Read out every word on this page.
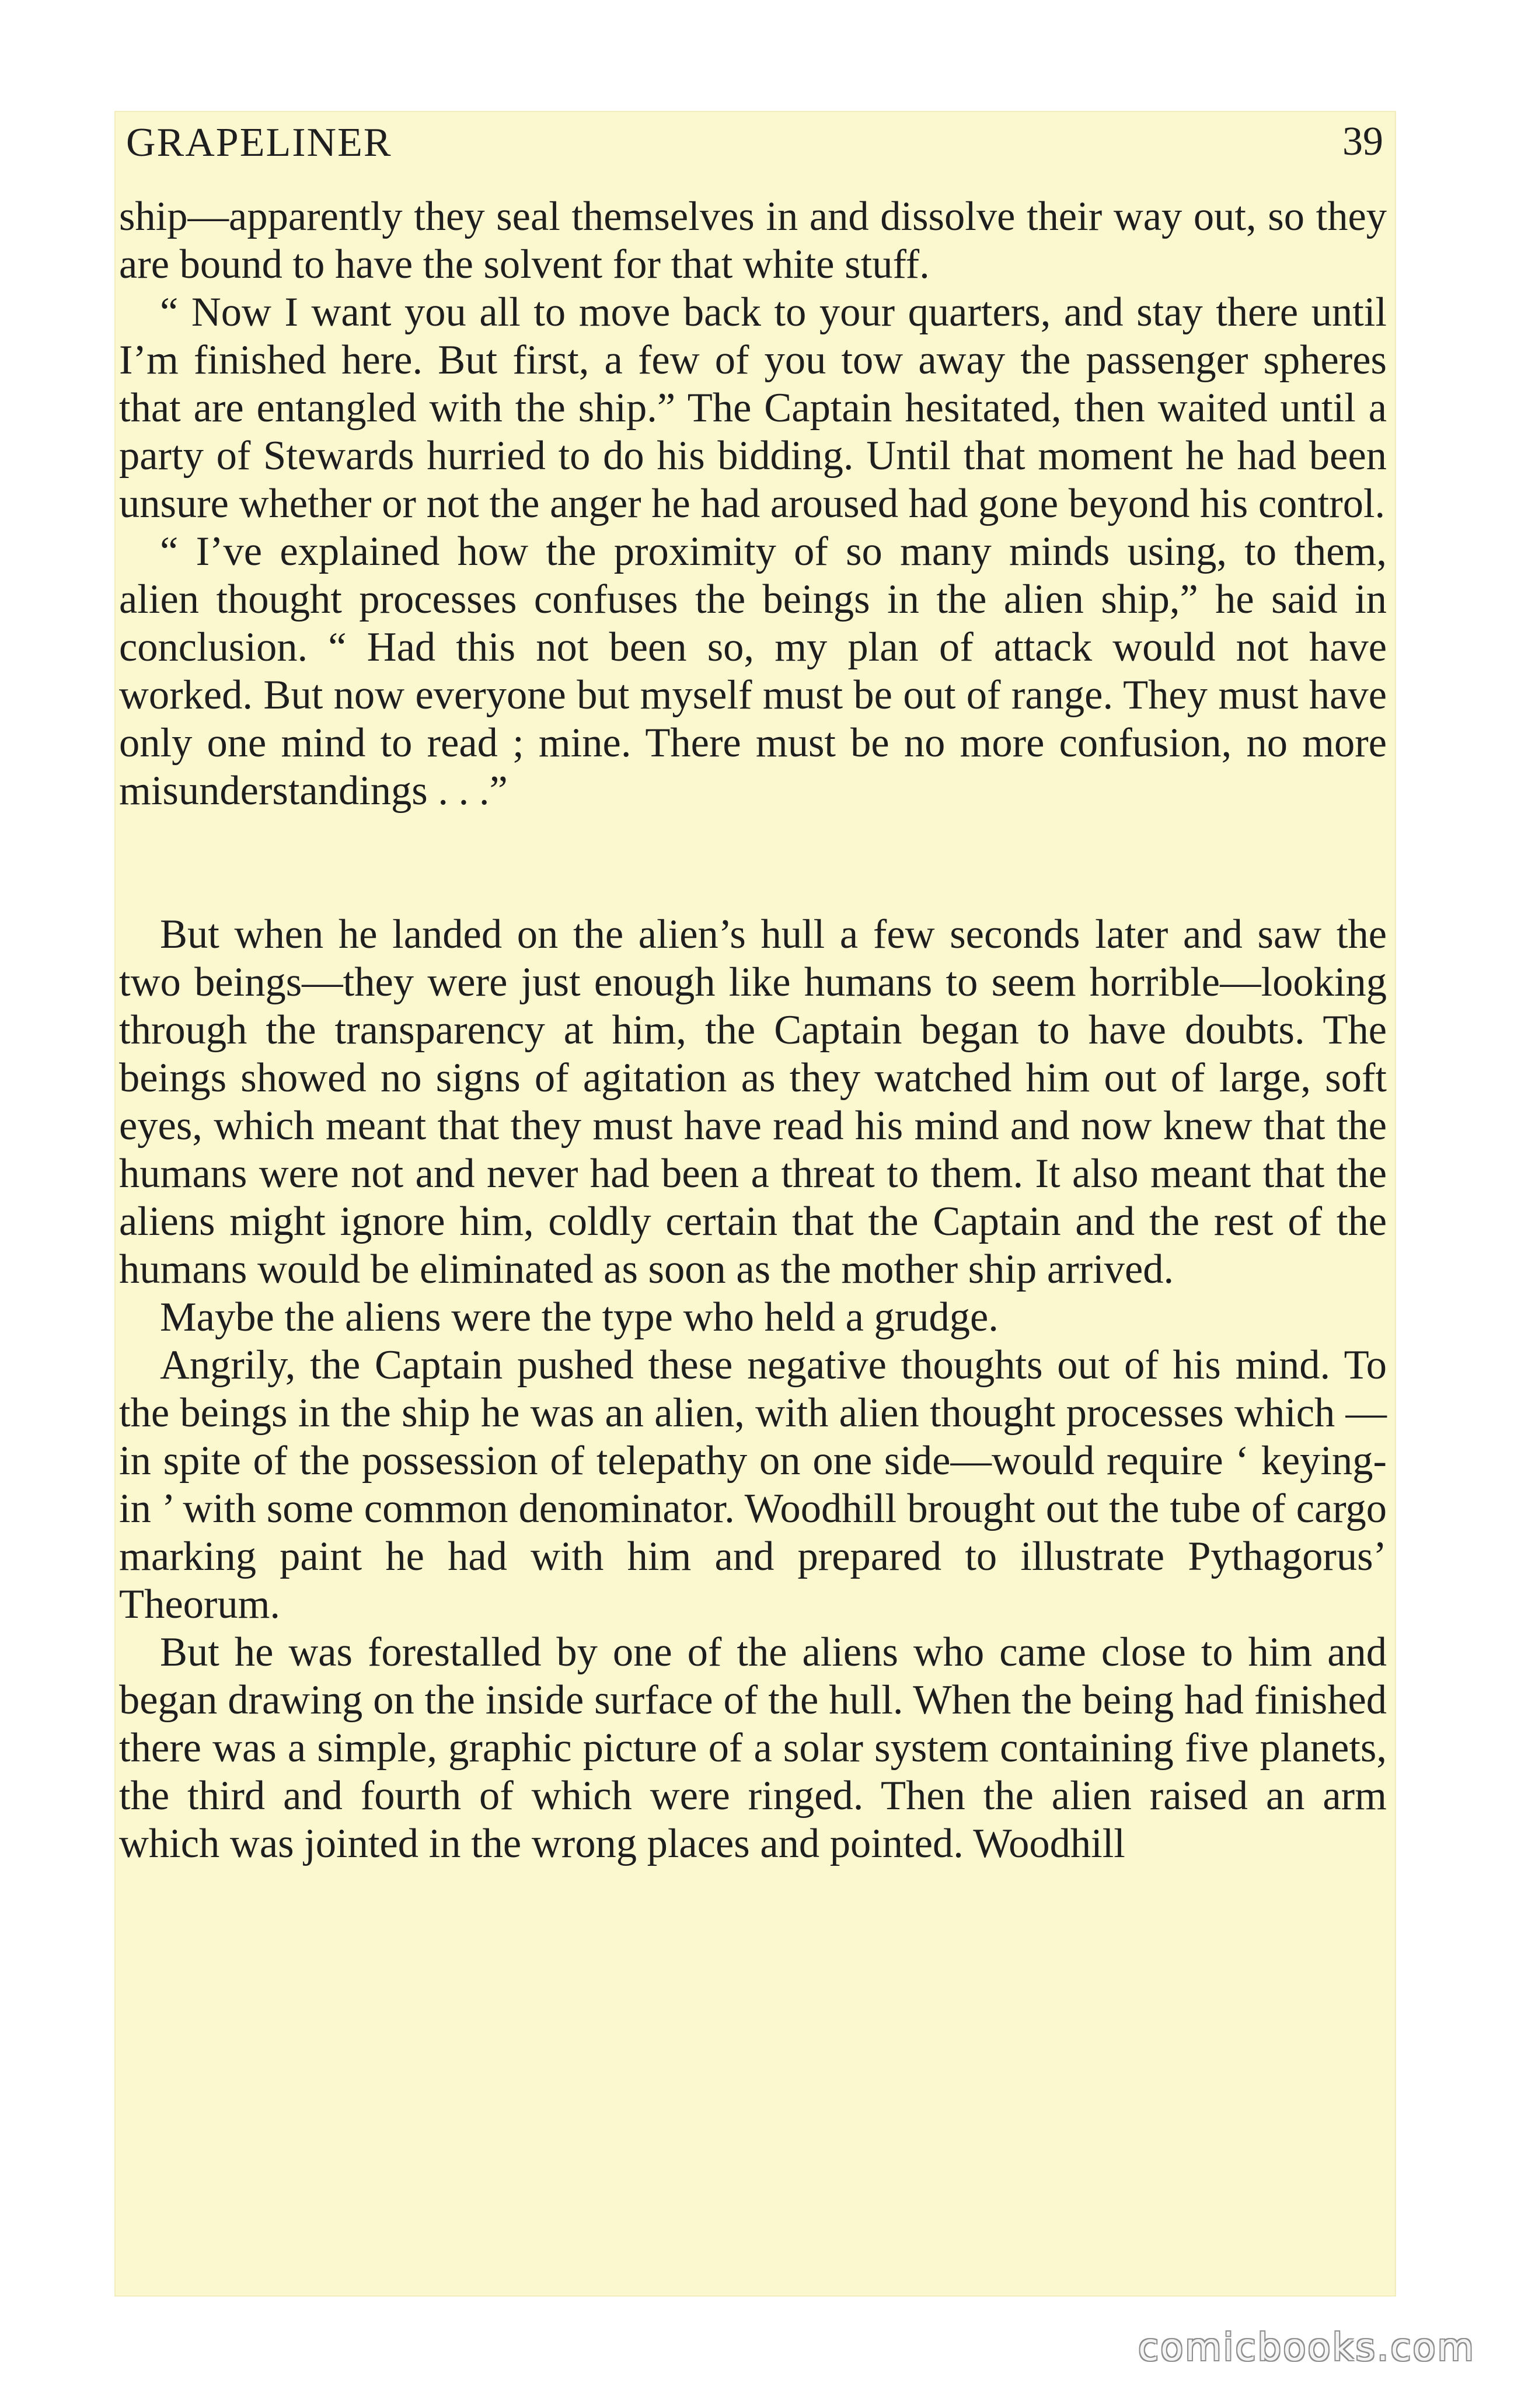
GRAPELINER	39

ship—apparently they seal themselves in and dissolve their way out, so they are bound to have the solvent for that white stuff.

“ Now I want you all to move back to your quarters, and stay there until I’m finished here. But first, a few of you tow away the passenger spheres that are entangled with the ship.” The Captain hesitated, then waited until a party of Stewards hurried to do his bidding. Until that moment he had been unsure whether or not the anger he had aroused had gone beyond his control.

“ I’ve explained how the proximity of so many minds using, to them, alien thought processes confuses the beings in the alien ship,” he said in conclusion. “ Had this not been so, my plan of attack would not have worked. But now everyone but myself must be out of range. They must have only one mind to read ; mine. There must be no more confusion, no more misunderstandings . . .”

But when he landed on the alien’s hull a few seconds later and saw the two beings—they were just enough like humans to seem horrible—looking through the transparency at him, the Captain began to have doubts. The beings showed no signs of agitation as they watched him out of large, soft eyes, which meant that they must have read his mind and now knew that the humans were not and never had been a threat to them. It also meant that the aliens might ignore him, coldly certain that the Captain and the rest of the humans would be eliminated as soon as the mother ship arrived.

Maybe the aliens were the type who held a grudge.

Angrily, the Captain pushed these negative thoughts out of his mind. To the beings in the ship he was an alien, with alien thought processes which — in spite of the possession of telepathy on one side—would require ‘ keying-in ’ with some common denominator. Woodhill brought out the tube of cargo marking paint he had with him and prepared to illustrate Pythagorus’ Theorum.

But he was forestalled by one of the aliens who came close to him and began drawing on the inside surface of the hull. When the being had finished there was a simple, graphic picture of a solar system containing five planets, the third and fourth of which were ringed. Then the alien raised an arm which was jointed in the wrong places and pointed. Woodhill

comicbooks.com
